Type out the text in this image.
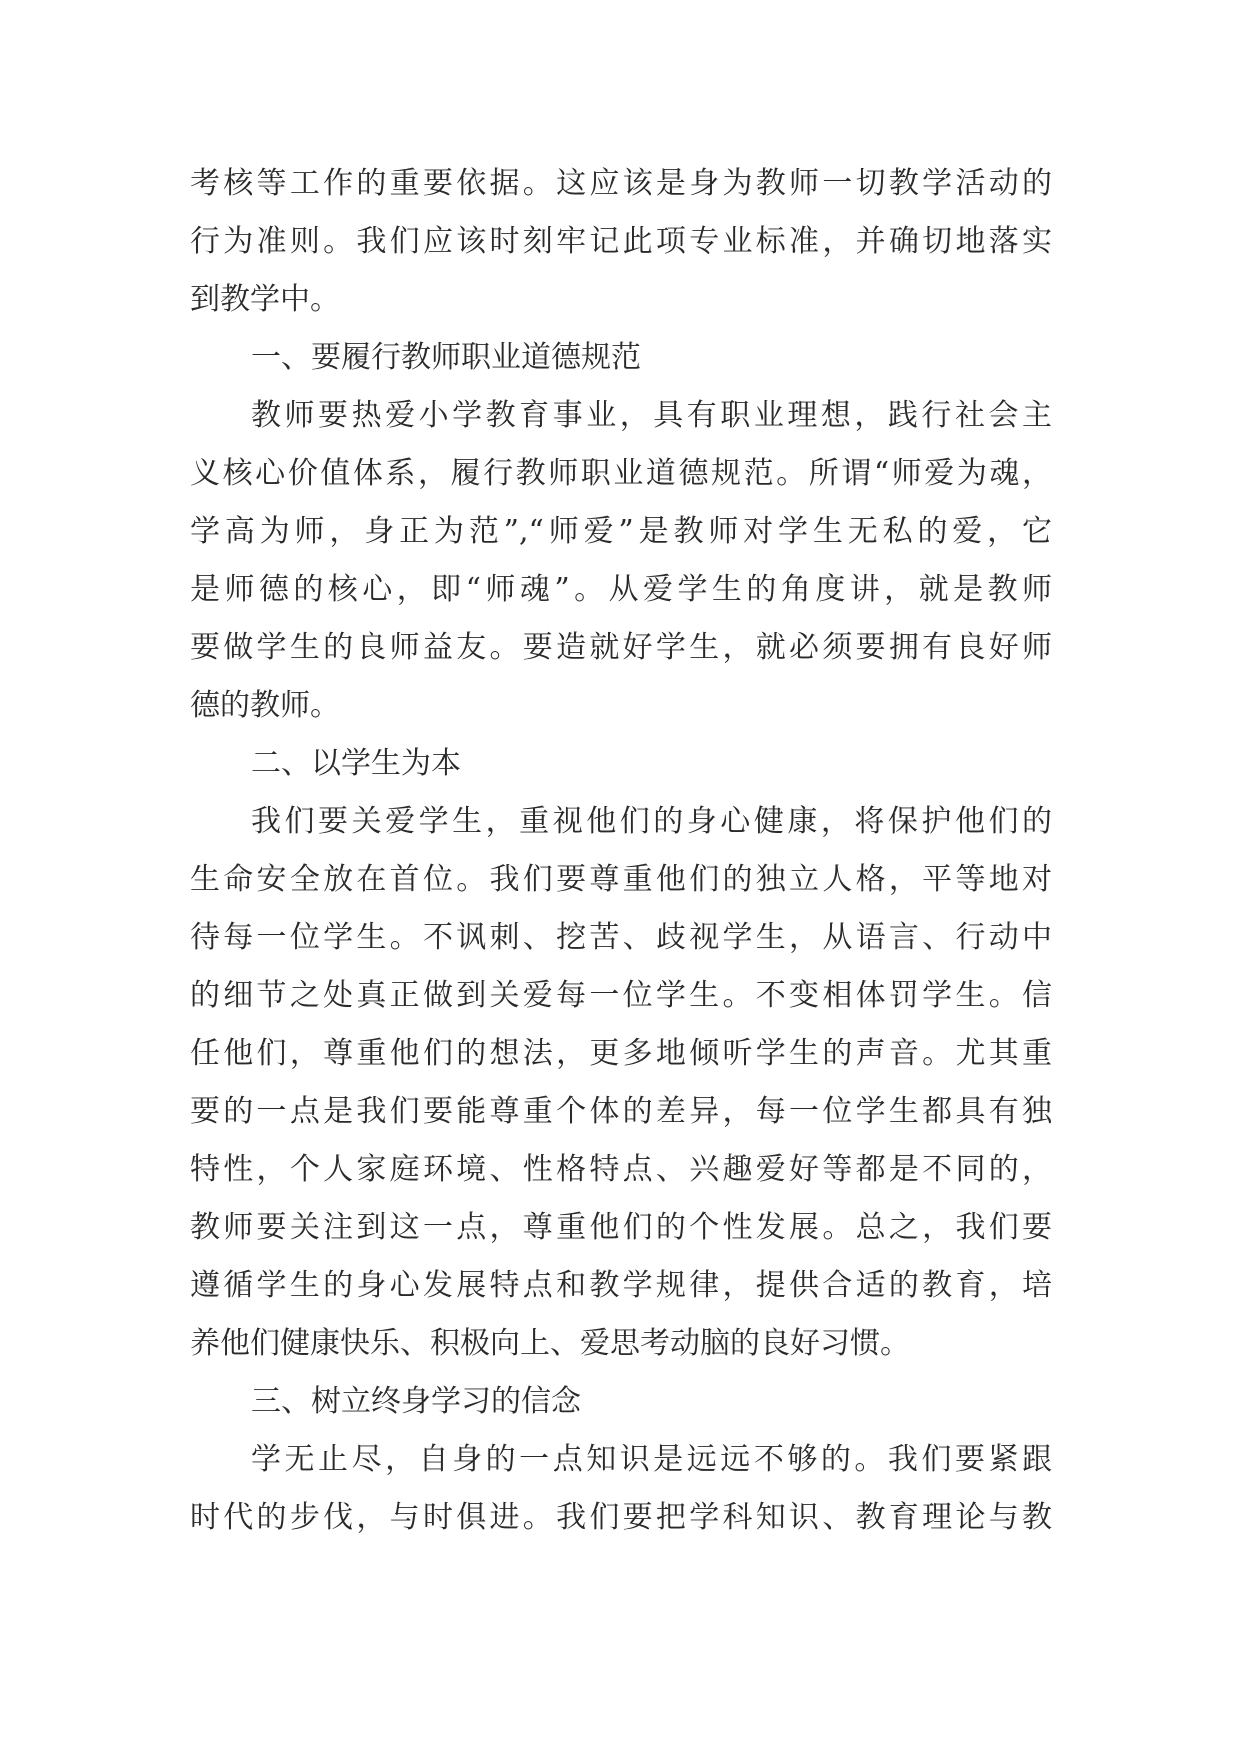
考核等工作的重要依据。这应该是身为教师一切教学活动的
行为准则。我们应该时刻牢记此项专业标准，并确切地落实
到教学中。
一、要履行教师职业道德规范
教师要热爱小学教育事业，具有职业理想，践行社会主
义核心价值体系，履行教师职业道德规范。所谓“师爱为魂，
学高为师，身正为范”,“师爱”是教师对学生无私的爱，它
是师德的核心，即“师魂”。从爱学生的角度讲，就是教师
要做学生的良师益友。要造就好学生，就必须要拥有良好师
德的教师。
二、以学生为本
我们要关爱学生，重视他们的身心健康，将保护他们的
生命安全放在首位。我们要尊重他们的独立人格，平等地对
待每一位学生。不讽刺、挖苦、歧视学生，从语言、行动中
的细节之处真正做到关爱每一位学生。不变相体罚学生。信
任他们，尊重他们的想法，更多地倾听学生的声音。尤其重
要的一点是我们要能尊重个体的差异，每一位学生都具有独
特性，个人家庭环境、性格特点、兴趣爱好等都是不同的，
教师要关注到这一点，尊重他们的个性发展。总之，我们要
遵循学生的身心发展特点和教学规律，提供合适的教育，培
养他们健康快乐、积极向上、爱思考动脑的良好习惯。
三、树立终身学习的信念
学无止尽，自身的一点知识是远远不够的。我们要紧跟
时代的步伐，与时俱进。我们要把学科知识、教育理论与教
